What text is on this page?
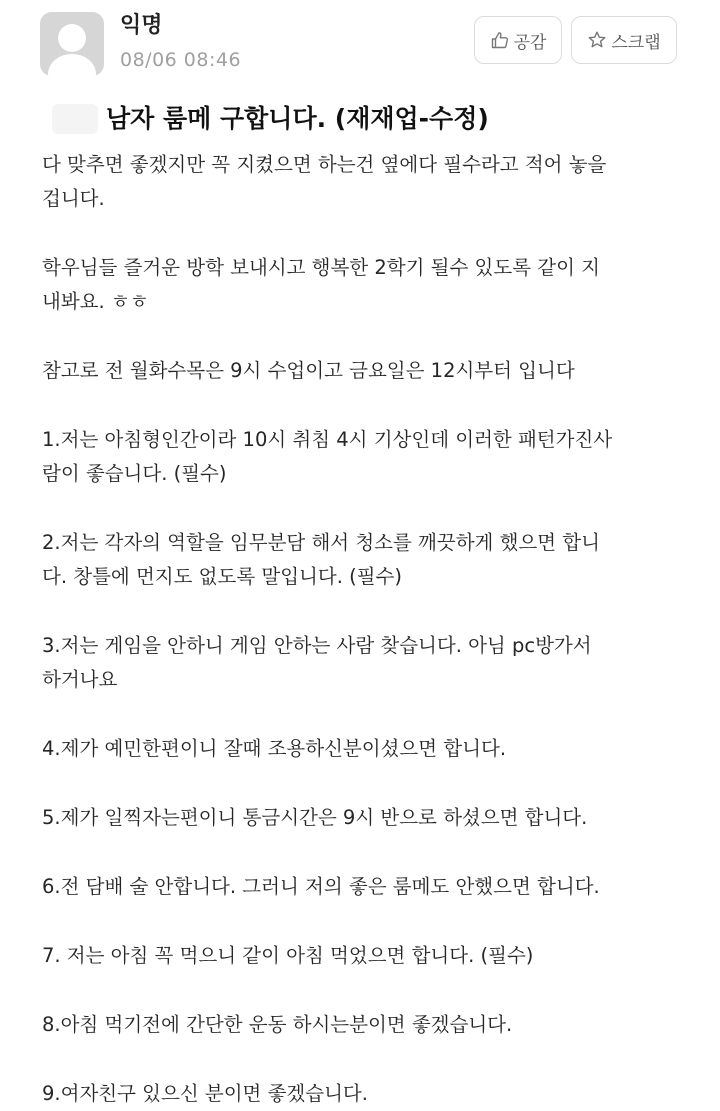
익명
08/06 08:46
공감	스크랩
남자 룸메 구합니다. (재재업-수정)

다 맞추면 좋겠지만 꼭 지켰으면 하는건 옆에다 필수라고 적어 놓을

겁니다.

학우님들 즐거운 방학 보내시고 행복한 2학기 될수 있도록 같이 지

내봐요. ㅎㅎ

참고로 전 월화수목은 9시 수업이고 금요일은 12시부터 입니다

1.저는 아침형인간이라 10시 취침 4시 기상인데 이러한 패턴가진사

람이 좋습니다. (필수)

2.저는 각자의 역할을 임무분담 해서 청소를 깨끗하게 했으면 합니

다. 창틀에 먼지도 없도록 말입니다. (필수)

3.저는 게임을 안하니 게임 안하는 사람 찾습니다. 아님 pc방가서

하거나요

4.제가 예민한편이니 잘때 조용하신분이셨으면 합니다.

5.제가 일찍자는편이니 통금시간은 9시 반으로 하셨으면 합니다.

6.전 담배 술 안합니다. 그러니 저의 좋은 룸메도 안했으면 합니다.

7. 저는 아침 꼭 먹으니 같이 아침 먹었으면 합니다. (필수)

8.아침 먹기전에 간단한 운동 하시는분이면 좋겠습니다.

9.여자친구 있으신 분이면 좋겠습니다.
